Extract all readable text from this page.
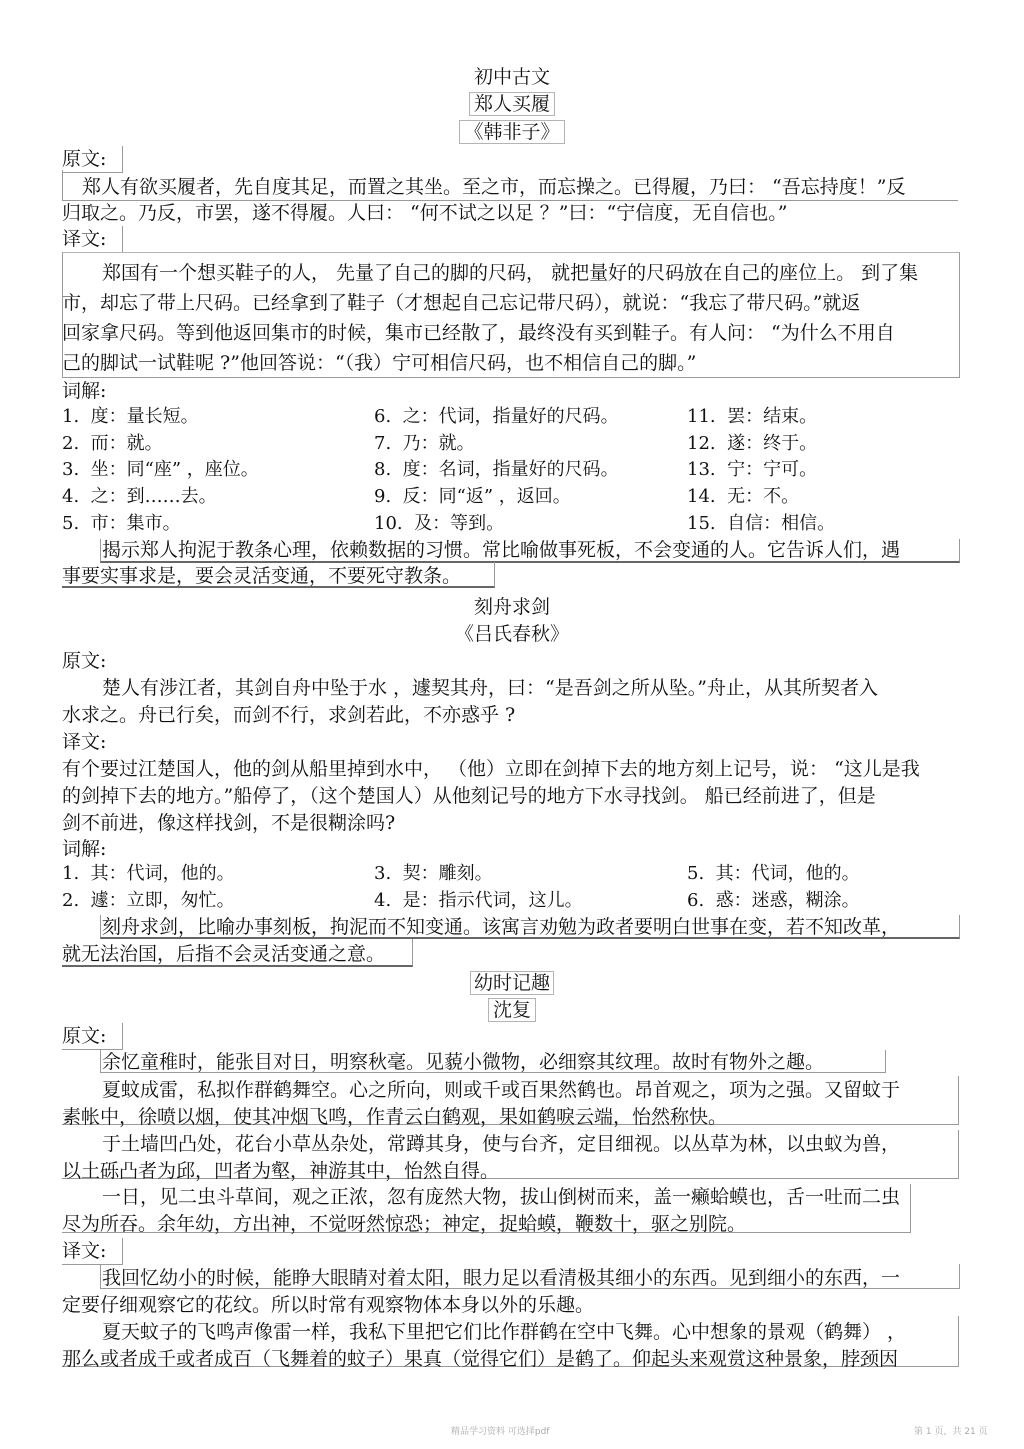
初中古文
郑人买履
《韩非子》
原文:
郑人有欲买履者，先自度其足，而置之其坐。至之市，而忘操之。已得履，乃曰： “吾忘持度！”反
归取之。乃反，市罢，遂不得履。人曰： “何不试之以足 ？”曰：“宁信度，无自信也。”
译文:
郑国有一个想买鞋子的人， 先量了自己的脚的尺码， 就把量好的尺码放在自己的座位上。 到了集
市，却忘了带上尺码。已经拿到了鞋子（才想起自己忘记带尺码），就说：“我忘了带尺码。”就返
回家拿尺码。等到他返回集市的时候，集市已经散了，最终没有买到鞋子。有人问： “为什么不用自
己的脚试一试鞋呢 ?”他回答说：“（我）宁可相信尺码，也不相信自己的脚。”
词解:
1. 度：量长短。	6. 之：代词，指量好的尺码。	11. 罢：结束。
2. 而：就。	7. 乃：就。	12. 遂：终于。
3. 坐：同“座” ，座位。	8. 度：名词，指量好的尺码。	13. 宁：宁可。
4. 之：到……去。	9. 反：同“返” ，返回。	14. 无：不。
5. 市：集市。	10. 及：等到。	15. 自信：相信。
揭示郑人拘泥于教条心理，依赖数据的习惯。常比喻做事死板，不会变通的人。它告诉人们，遇
事要实事求是，要会灵活变通，不要死守教条。
刻舟求剑
《吕氏春秋》
原文:
楚人有涉江者，其剑自舟中坠于水 ，遽契其舟，曰：“是吾剑之所从坠。”舟止，从其所契者入
水求之。舟已行矣，而剑不行，求剑若此，不亦惑乎 ?
译文:
有个要过江楚国人，他的剑从船里掉到水中， （他）立即在剑掉下去的地方刻上记号，说： “这儿是我
的剑掉下去的地方。”船停了，（这个楚国人）从他刻记号的地方下水寻找剑。 船已经前进了，但是
剑不前进，像这样找剑，不是很糊涂吗?
词解:
1. 其：代词，他的。	3. 契：雕刻。	5. 其：代词，他的。
2. 遽：立即，匆忙。	4. 是：指示代词，这儿。	6. 惑：迷惑，糊涂。
刻舟求剑，比喻办事刻板，拘泥而不知变通。该寓言劝勉为政者要明白世事在变，若不知改革，
就无法治国，后指不会灵活变通之意。
幼时记趣
沈复
原文:
余忆童稚时，能张目对日，明察秋毫。见藐小微物，必细察其纹理。故时有物外之趣。
夏蚊成雷，私拟作群鹤舞空。心之所向，则或千或百果然鹤也。昂首观之，项为之强。又留蚊于
素帐中，徐喷以烟，使其冲烟飞鸣，作青云白鹤观，果如鹤唳云端，怡然称快。
于土墙凹凸处，花台小草丛杂处，常蹲其身，使与台齐，定目细视。以丛草为林，以虫蚁为兽，
以土砾凸者为邱，凹者为壑，神游其中，怡然自得。
一日，见二虫斗草间，观之正浓，忽有庞然大物，拔山倒树而来，盖一癞蛤蟆也，舌一吐而二虫
尽为所吞。余年幼，方出神，不觉呀然惊恐；神定，捉蛤蟆，鞭数十，驱之别院。
译文:
我回忆幼小的时候，能睁大眼睛对着太阳，眼力足以看清极其细小的东西。见到细小的东西，一
定要仔细观察它的花纹。所以时常有观察物体本身以外的乐趣。
夏天蚊子的飞鸣声像雷一样，我私下里把它们比作群鹤在空中飞舞。心中想象的景观（鹤舞） ，
那么或者成千或者成百（飞舞着的蚊子）果真（觉得它们）是鹤了。仰起头来观赏这种景象，脖颈因
精品学习资料 可选择pdf	第 1 页，共 21 页
